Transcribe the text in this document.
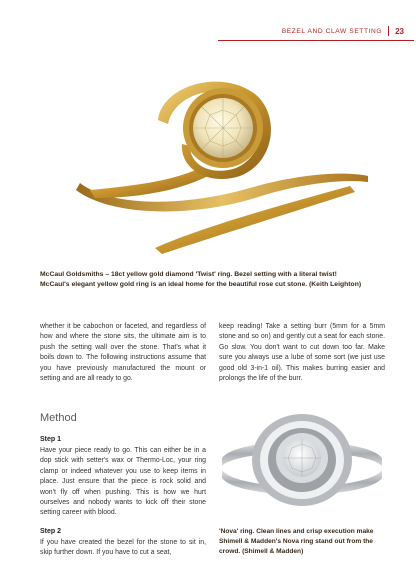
BEZEL AND CLAW SETTING 23
McCaul Goldsmiths – 18ct yellow gold diamond 'Twist' ring. Bezel setting with a literal twist!
McCaul's elegant yellow gold ring is an ideal home for the beautiful rose cut stone. (Keith Leighton)
whether it be cabochon or faceted, and regardless of how and where the stone sits, the ultimate aim is to push the setting wall over the stone. That's what it boils down to. The following instructions assume that you have previously manufactured the mount or setting and are all ready to go.
keep reading! Take a setting burr (5mm for a 5mm stone and so on) and gently cut a seat for each stone. Go slow. You don't want to cut down too far. Make sure you always use a lube of some sort (we just use good old 3-in-1 oil). This makes burring easier and prolongs the life of the burr.
Method
Step 1
Have your piece ready to go. This can either be in a dop stick with setter's wax or Thermo-Loc, your ring clamp or indeed whatever you use to keep items in place. Just ensure that the piece is rock solid and won't fly off when pushing. This is how we hurt ourselves and nobody wants to kick off their stone setting career with blood.
Step 2
If you have created the bezel for the stone to sit in, skip further down. If you have to cut a seat,
'Nova' ring. Clean lines and crisp execution make Shimell & Madden's Nova ring stand out from the crowd. (Shimell & Madden)
